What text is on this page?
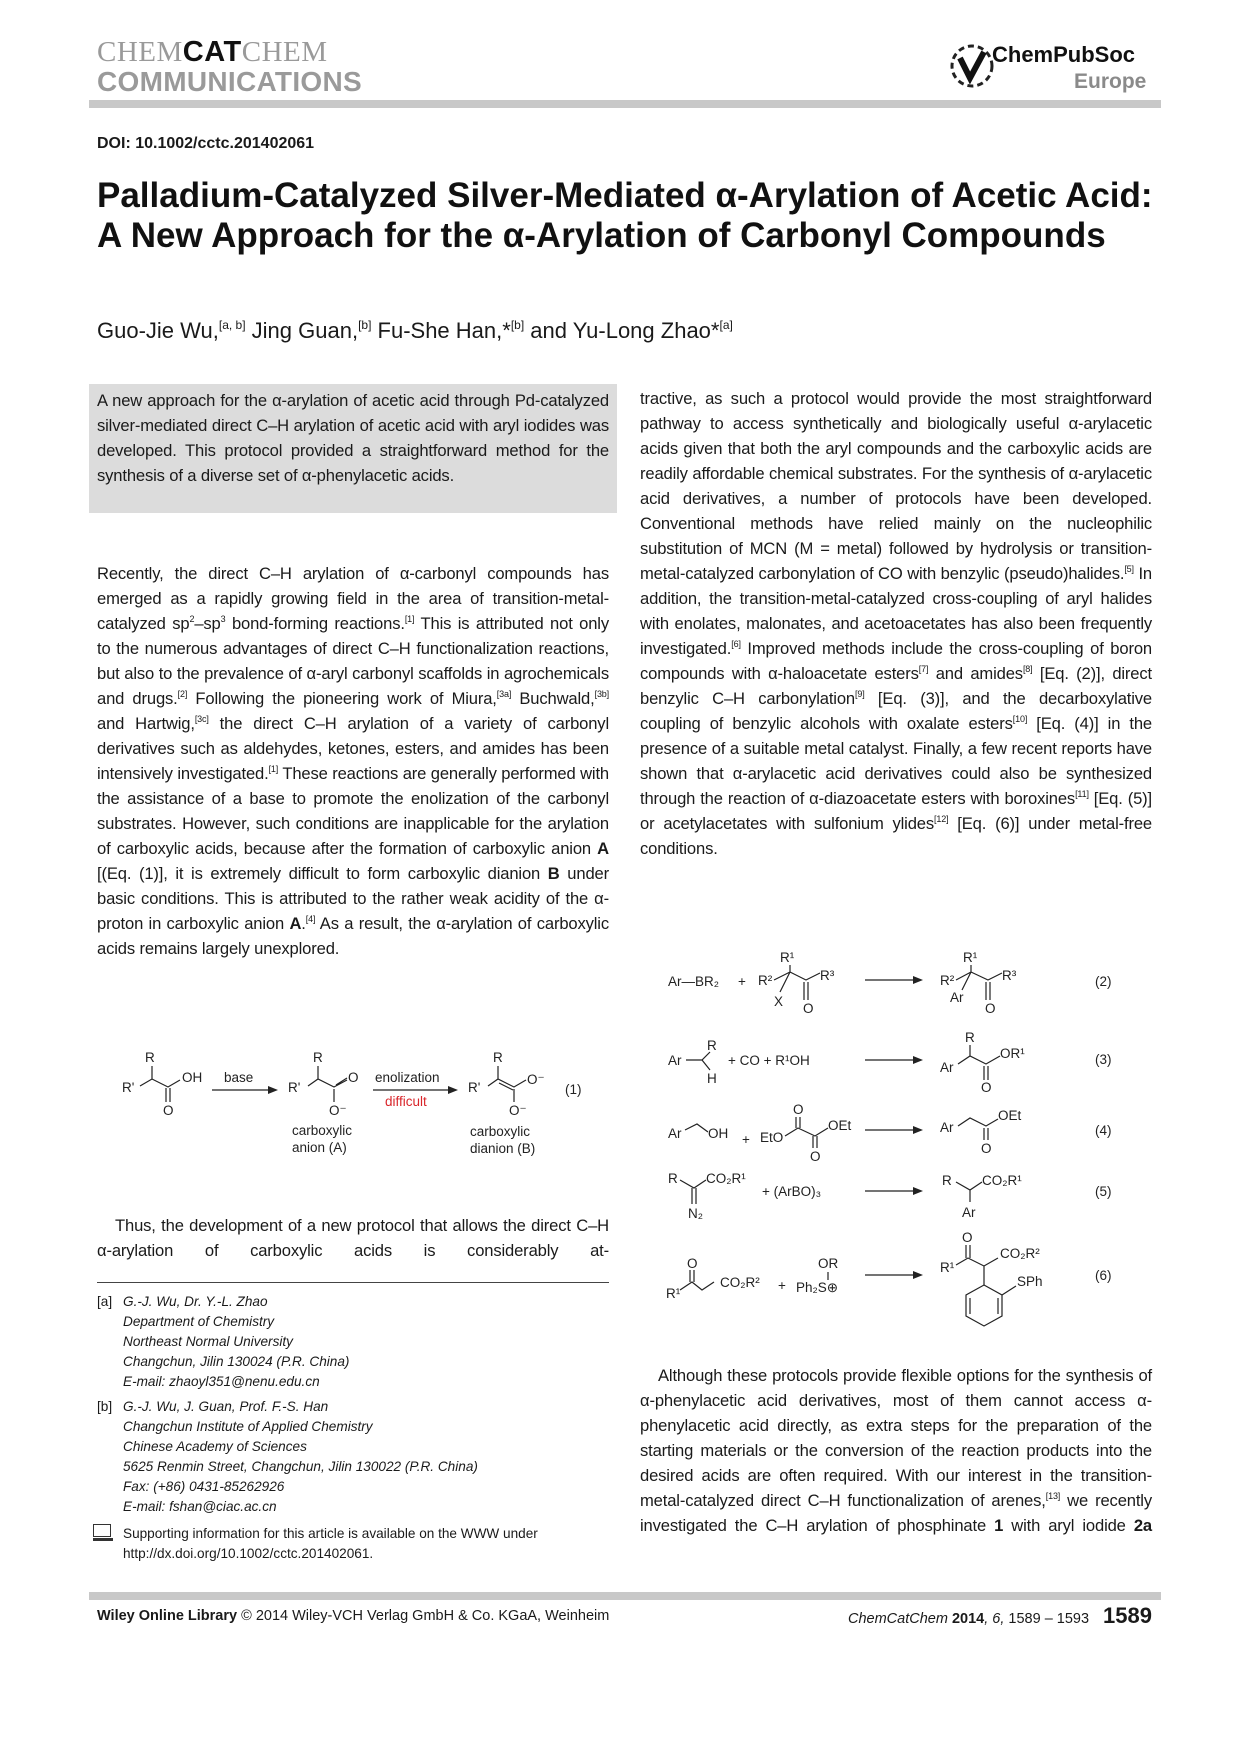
CHEMCATCHEM
COMMUNICATIONS
ChemPubSoc
Europe
DOI: 10.1002/cctc.201402061
Palladium-Catalyzed Silver-Mediated α-Arylation of Acetic Acid: A New Approach for the α-Arylation of Carbonyl Compounds
Guo-Jie Wu,[a, b] Jing Guan,[b] Fu-She Han,*[b] and Yu-Long Zhao*[a]

A new approach for the α-arylation of acetic acid through Pd-catalyzed silver-mediated direct C–H arylation of acetic acid with aryl iodides was developed. This protocol provided a straightforward method for the synthesis of a diverse set of α-phenylacetic acids.

Recently, the direct C–H arylation of α-carbonyl compounds has emerged as a rapidly growing field in the area of transition-metal-catalyzed $sp^2-sp^3$ bond-forming reactions.[1] This is attributed not only to the numerous advantages of direct C–H functionalization reactions, but also to the prevalence of α-aryl carbonyl scaffolds in agrochemicals and drugs.[2] Following the pioneering work of Miura,[3a] Buchwald,[3b] and Hartwig,[3c] the direct C–H arylation of a variety of carbonyl derivatives such as aldehydes, ketones, esters, and amides has been intensively investigated.[1] These reactions are generally performed with the assistance of a base to promote the enolization of the carbonyl substrates. However, such conditions are inapplicable for the arylation of carboxylic acids, because after the formation of carboxylic anion A [(Eq. (1)], it is extremely difficult to form carboxylic dianion B under basic conditions. This is attributed to the rather weak acidity of the α-proton in carboxylic anion A.[4] As a result, the α-arylation of carboxylic acids remains largely unexplored.
R
R'
OH
O
base
R
R'
O
O⁻
carboxylic
anion (A)
enolization
difficult
R
R'
O⁻
O⁻
carboxylic
dianion (B)
(1)
Thus, the development of a new protocol that allows the direct C–H α-arylation of carboxylic acids is considerably at-
[a] G.-J. Wu, Dr. Y.-L. Zhao
Department of Chemistry
Northeast Normal University
Changchun, Jilin 130024 (P.R. China)
E-mail: zhaoyl351@nenu.edu.cn
[b] G.-J. Wu, J. Guan, Prof. F.-S. Han
Changchun Institute of Applied Chemistry
Chinese Academy of Sciences
5625 Renmin Street, Changchun, Jilin 130022 (P.R. China)
Fax: (+86) 0431-85262926
E-mail: fshan@ciac.ac.cn
Supporting information for this article is available on the WWW under
http://dx.doi.org/10.1002/cctc.201402061.
tractive, as such a protocol would provide the most straightforward pathway to access synthetically and biologically useful α-arylacetic acids given that both the aryl compounds and the carboxylic acids are readily affordable chemical substrates. For the synthesis of α-arylacetic acid derivatives, a number of protocols have been developed. Conventional methods have relied mainly on the nucleophilic substitution of MCN (M = metal) followed by hydrolysis or transition-metal-catalyzed carbonylation of CO with benzylic (pseudo)halides.[5] In addition, the transition-metal-catalyzed cross-coupling of aryl halides with enolates, malonates, and acetoacetates has also been frequently investigated.[6] Improved methods include the cross-coupling of boron compounds with α-haloacetate esters[7] and amides[8] [Eq. (2)], direct benzylic C–H carbonylation[9] [Eq. (3)], and the decarboxylative coupling of benzylic alcohols with oxalate esters[10] [Eq. (4)] in the presence of a suitable metal catalyst. Finally, a few recent reports have shown that α-arylacetic acid derivatives could also be synthesized through the reaction of α-diazoacetate esters with boroxines[11] [Eq. (5)] or acetylacetates with sulfonium ylides[12] [Eq. (6)] under metal-free conditions.
Ar—BR₂ +
R¹
R²	R³
X O
R¹
R²	R³
Ar
O
(2)
Ar
R
H
+ CO + R¹OH
R
Ar
OR¹
O
(3)
Ar OH + EtO
O
OEt
O
Ar
OEt
O
(4)
R CO₂R¹
N₂
+ (ArBO)₃
R CO₂R¹
Ar
(5)
O
R¹
CO₂R² +
OR
Ph₂S⊕
O
R¹
CO₂R²
SPh	(6)
Although these protocols provide flexible options for the synthesis of α-phenylacetic acid derivatives, most of them cannot access α-phenylacetic acid directly, as extra steps for the preparation of the starting materials or the conversion of the reaction products into the desired acids are often required. With our interest in the transition-metal-catalyzed direct C–H functionalization of arenes,[13] we recently investigated the C–H arylation of phosphinate 1 with aryl iodide 2a
Wiley Online Library © 2014 Wiley-VCH Verlag GmbH & Co. KGaA, Weinheim	ChemCatChem 2014, 6, 1589 – 1593 1589
